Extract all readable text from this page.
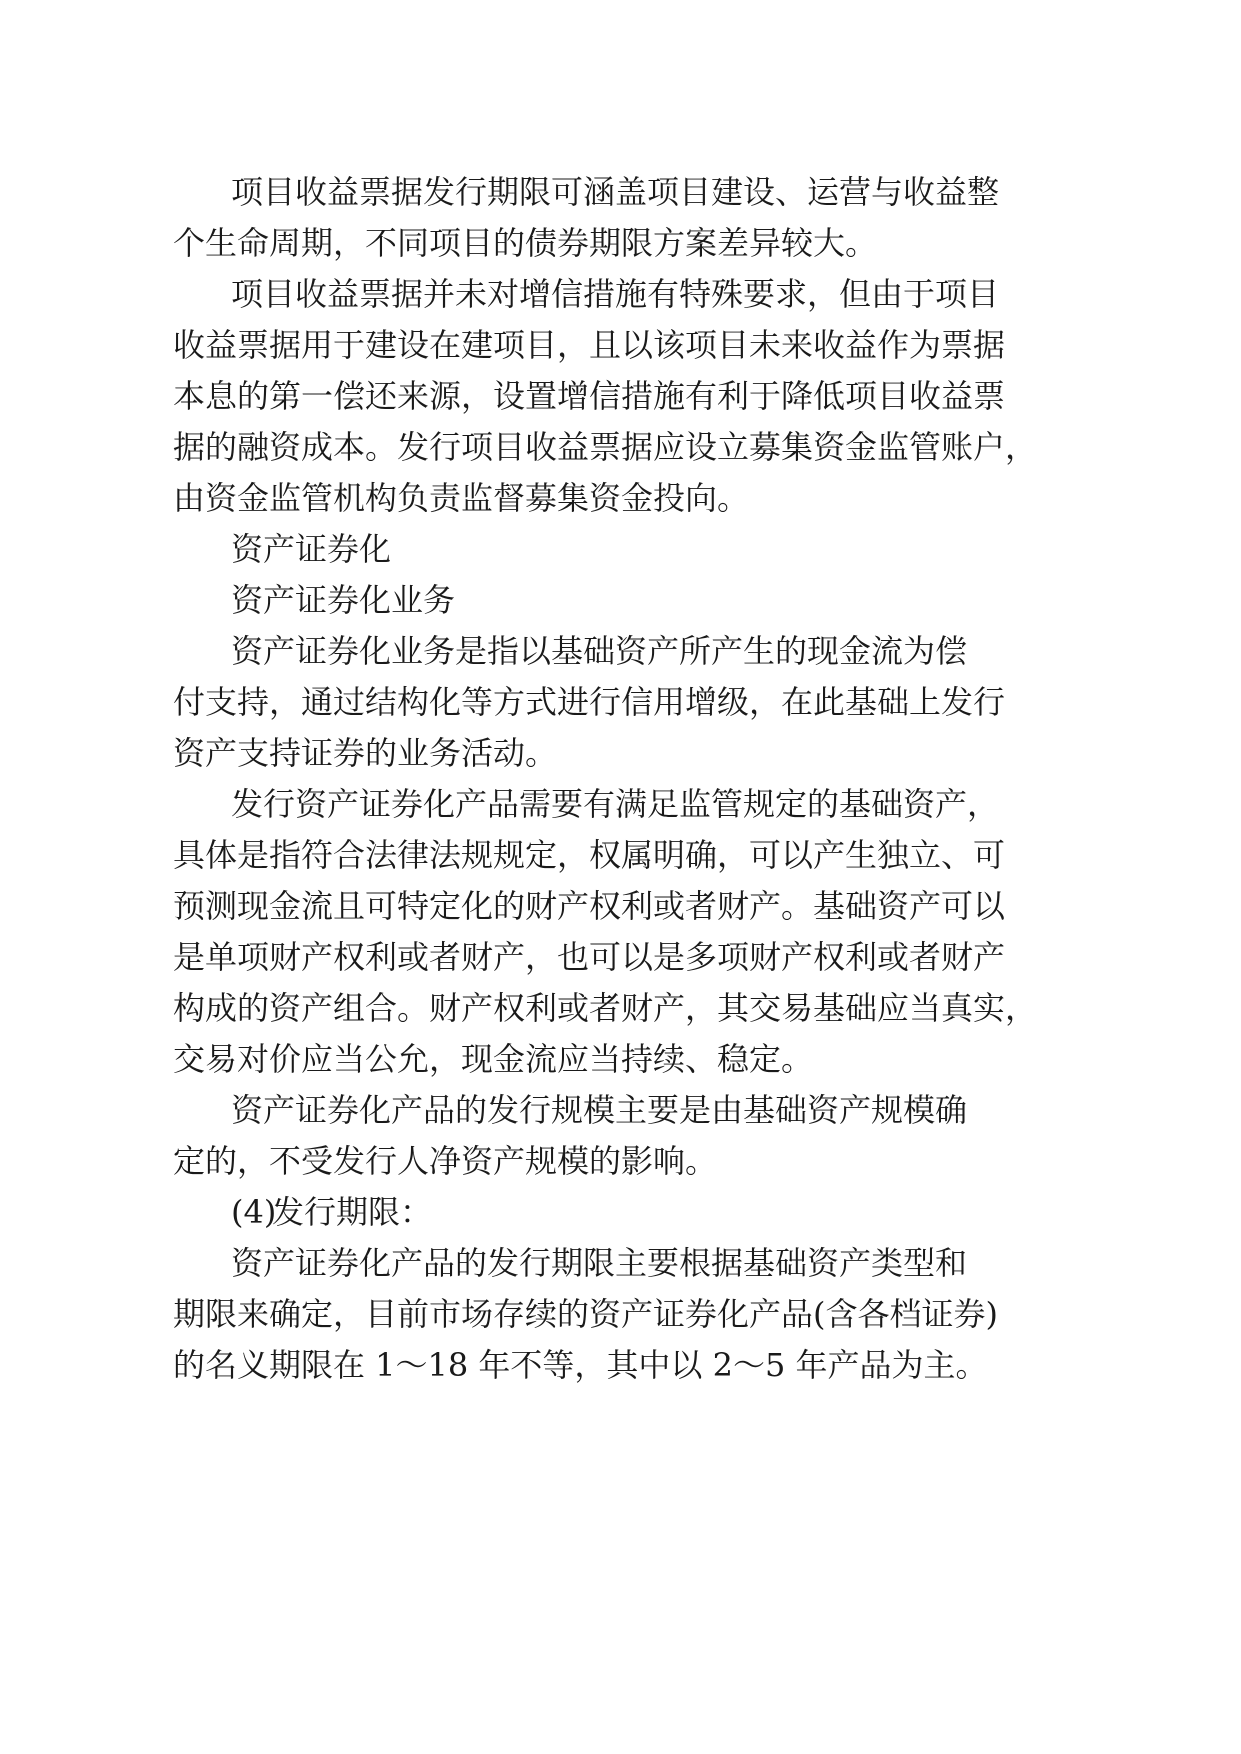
项目收益票据发行期限可涵盖项目建设、运营与收益整
个生命周期，不同项目的债券期限方案差异较大。
项目收益票据并未对增信措施有特殊要求，但由于项目
收益票据用于建设在建项目，且以该项目未来收益作为票据
本息的第一偿还来源，设置增信措施有利于降低项目收益票
据的融资成本。发行项目收益票据应设立募集资金监管账户，
由资金监管机构负责监督募集资金投向。
资产证券化
资产证券化业务
资产证券化业务是指以基础资产所产生的现金流为偿
付支持，通过结构化等方式进行信用增级，在此基础上发行
资产支持证券的业务活动。
发行资产证券化产品需要有满足监管规定的基础资产，
具体是指符合法律法规规定，权属明确，可以产生独立、可
预测现金流且可特定化的财产权利或者财产。基础资产可以
是单项财产权利或者财产，也可以是多项财产权利或者财产
构成的资产组合。财产权利或者财产，其交易基础应当真实，
交易对价应当公允，现金流应当持续、稳定。
资产证券化产品的发行规模主要是由基础资产规模确
定的，不受发行人净资产规模的影响。
(4)
发行期限：
资产证券化产品的发行期限主要根据基础资产类型和
期限来确定，目前市场存续的资产证券化产品(含各档证券)
的名义期限在 1～18 年不等，其中以 2～5 年产品为主。
